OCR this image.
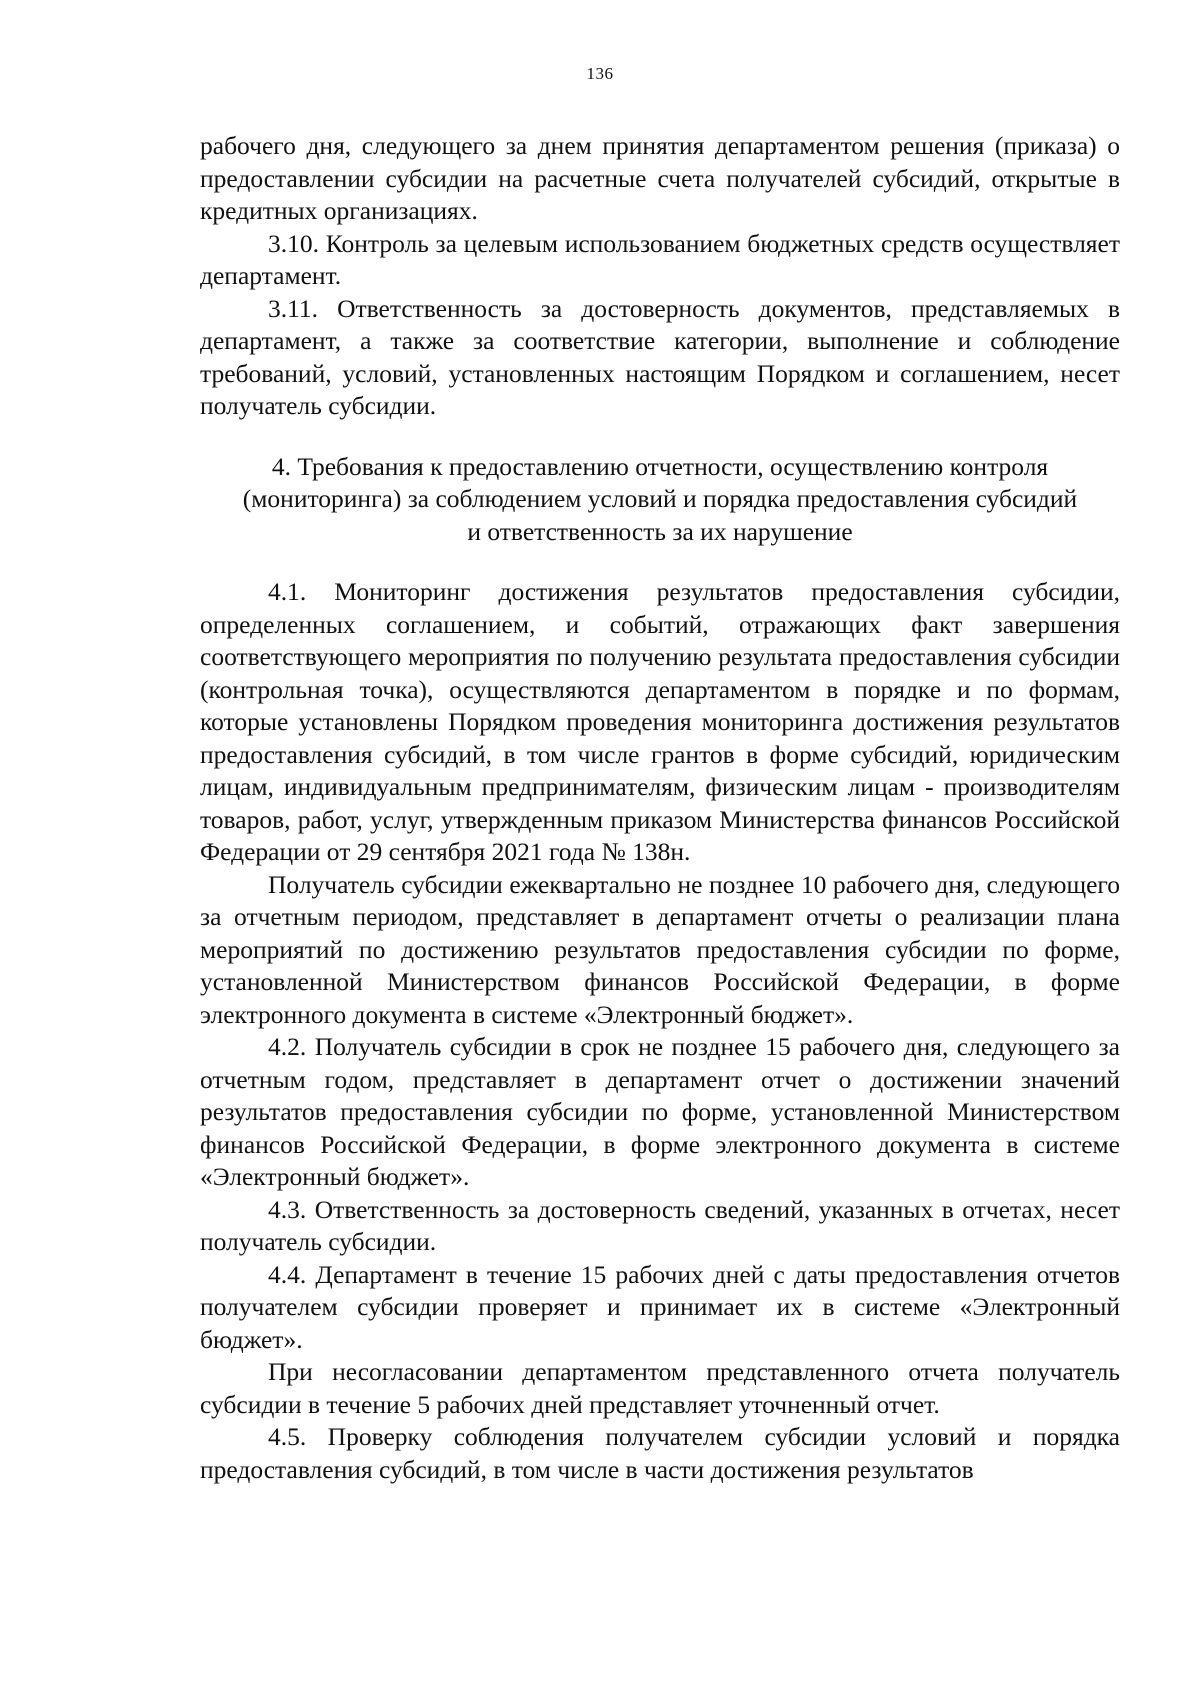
136

рабочего дня, следующего за днем принятия департаментом решения (приказа) о предоставлении субсидии на расчетные счета получателей субсидий, открытые в кредитных организациях.

3.10. Контроль за целевым использованием бюджетных средств осуществляет департамент.

3.11. Ответственность за достоверность документов, представляемых в департамент, а также за соответствие категории, выполнение и соблюдение требований, условий, установленных настоящим Порядком и соглашением, несет получатель субсидии.

4. Требования к предоставлению отчетности, осуществлению контроля
(мониторинга) за соблюдением условий и порядка предоставления субсидий
и ответственность за их нарушение

4.1. Мониторинг достижения результатов предоставления субсидии, определенных соглашением, и событий, отражающих факт завершения соответствующего мероприятия по получению результата предоставления субсидии (контрольная точка), осуществляются департаментом в порядке и по формам, которые установлены Порядком проведения мониторинга достижения результатов предоставления субсидий, в том числе грантов в форме субсидий, юридическим лицам, индивидуальным предпринимателям, физическим лицам - производителям товаров, работ, услуг, утвержденным приказом Министерства финансов Российской Федерации от 29 сентября 2021 года № 138н.

Получатель субсидии ежеквартально не позднее 10 рабочего дня, следующего за отчетным периодом, представляет в департамент отчеты о реализации плана мероприятий по достижению результатов предоставления субсидии по форме, установленной Министерством финансов Российской Федерации, в форме электронного документа в системе «Электронный бюджет».

4.2. Получатель субсидии в срок не позднее 15 рабочего дня, следующего за отчетным годом, представляет в департамент отчет о достижении значений результатов предоставления субсидии по форме, установленной Министерством финансов Российской Федерации, в форме электронного документа в системе «Электронный бюджет».

4.3. Ответственность за достоверность сведений, указанных в отчетах, несет получатель субсидии.

4.4. Департамент в течение 15 рабочих дней с даты предоставления отчетов получателем субсидии проверяет и принимает их в системе «Электронный бюджет».

При несогласовании департаментом представленного отчета получатель субсидии в течение 5 рабочих дней представляет уточненный отчет.

4.5. Проверку соблюдения получателем субсидии условий и порядка предоставления субсидий, в том числе в части достижения результатов
